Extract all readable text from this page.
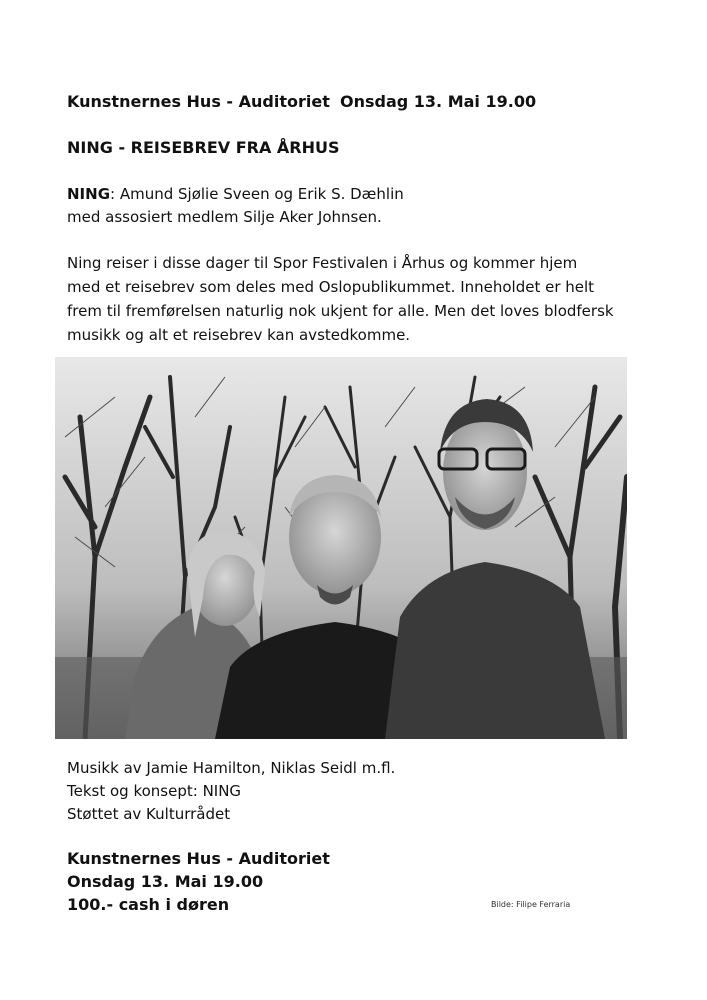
Kunstnernes Hus - Auditoriet Onsdag 13. Mai 19.00
NING - REISEBREV FRA ÅRHUS
NING: Amund Sjølie Sveen og Erik S. Dæhlin
med assosiert medlem Silje Aker Johnsen.
Ning reiser i disse dager til Spor Festivalen i Århus og kommer hjem
med et reisebrev som deles med Oslopublikummet. Inneholdet er helt
frem til fremførelsen naturlig nok ukjent for alle. Men det loves blodfersk
musikk og alt et reisebrev kan avstedkomme.
Musikk av Jamie Hamilton, Niklas Seidl m.fl.
Tekst og konsept: NING
Støttet av Kulturrådet
Kunstnernes Hus - Auditoriet
Onsdag 13. Mai 19.00
100.- cash i døren	Bilde: Filipe Ferraria
